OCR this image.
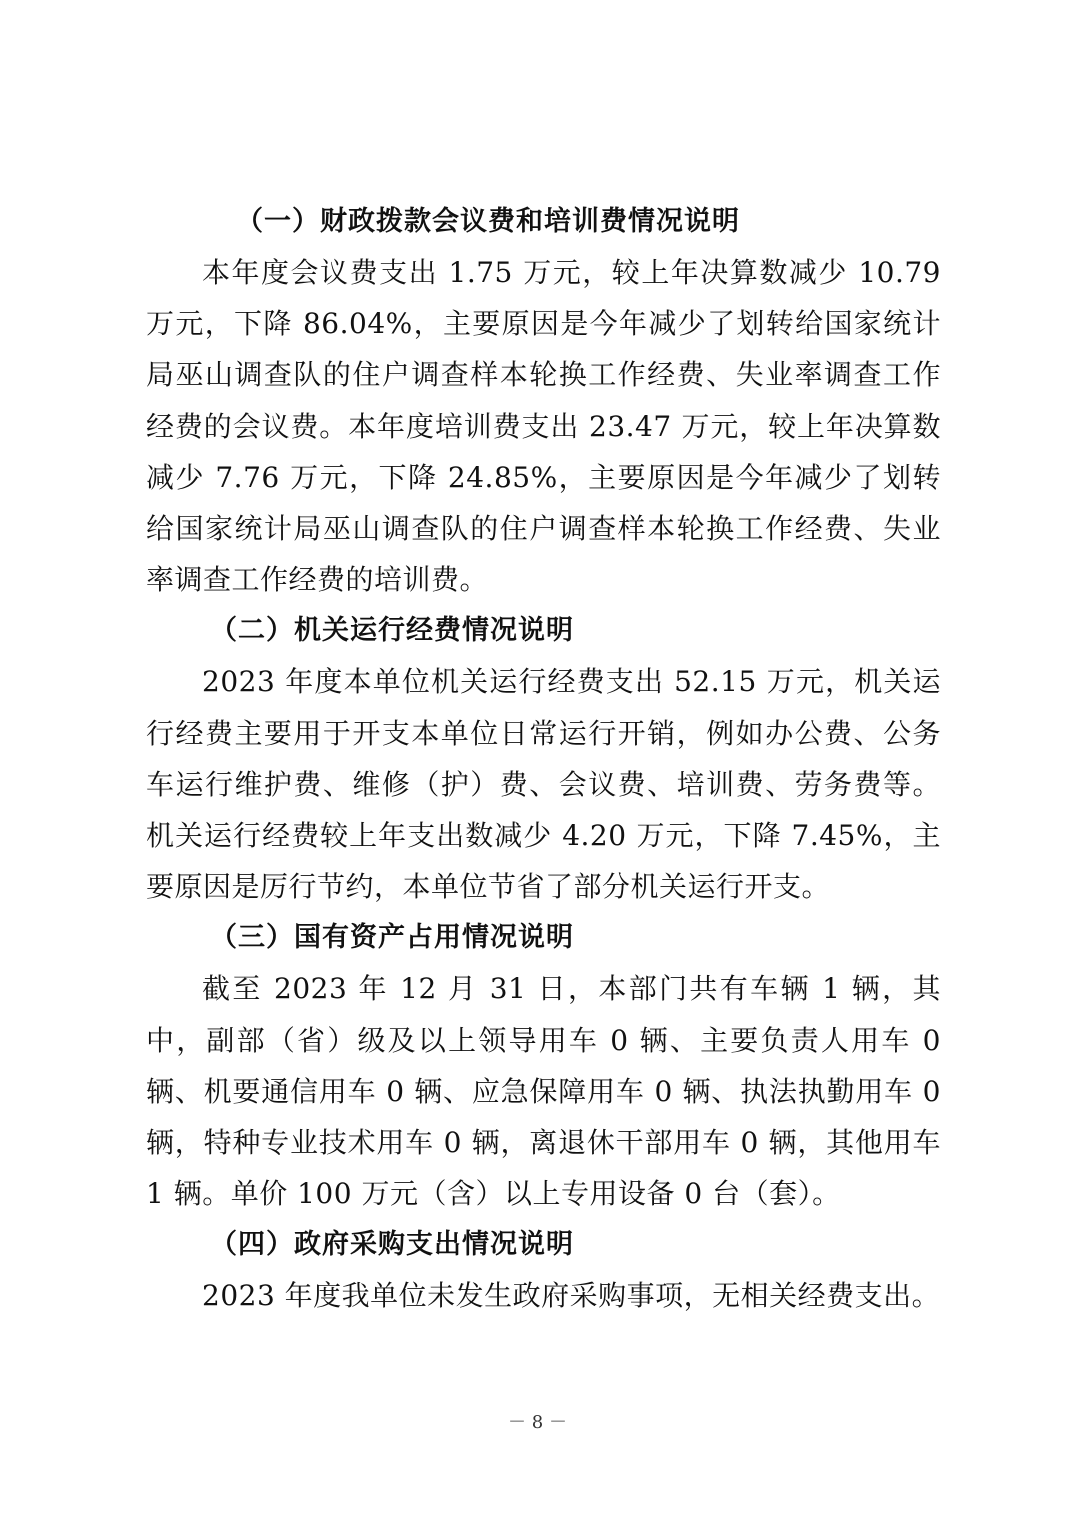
（一）财政拨款会议费和培训费情况说明

本年度会议费支出 1.75 万元，较上年决算数减少 10.79 万元，下降 86.04%，主要原因是今年减少了划转给国家统计局巫山调查队的住户调查样本轮换工作经费、失业率调查工作经费的会议费。本年度培训费支出 23.47 万元，较上年决算数减少 7.76 万元，下降 24.85%，主要原因是今年减少了划转给国家统计局巫山调查队的住户调查样本轮换工作经费、失业率调查工作经费的培训费。

（二）机关运行经费情况说明

2023 年度本单位机关运行经费支出 52.15 万元，机关运行经费主要用于开支本单位日常运行开销，例如办公费、公务车运行维护费、维修（护）费、会议费、培训费、劳务费等。机关运行经费较上年支出数减少 4.20 万元，下降 7.45%，主要原因是厉行节约，本单位节省了部分机关运行开支。

（三）国有资产占用情况说明

截至 2023 年 12 月 31 日，本部门共有车辆 1 辆，其中，副部（省）级及以上领导用车 0 辆、主要负责人用车 0 辆、机要通信用车 0 辆、应急保障用车 0 辆、执法执勤用车 0 辆，特种专业技术用车 0 辆，离退休干部用车 0 辆，其他用车 1 辆。单价 100 万元（含）以上专用设备 0 台（套）。

（四）政府采购支出情况说明

2023 年度我单位未发生政府采购事项，无相关经费支出。

－ 8 －
